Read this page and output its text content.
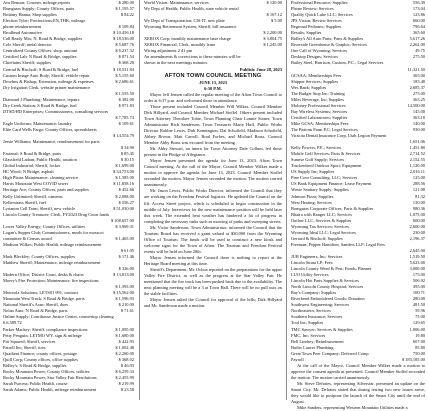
Ava Benson; Coroner, mileage,reports	$ 280.00
Bomgaars Supply; County Offices, parts	$ 1,195.57
Brittany Hanna; Shop supplies	$ 84.22
Election Tyler; Precinctions;EN,THK; mileage
phone reimbursement	$ 109.84
Brodhead Automotive	$ 10,456.18
Call Ready Mix; N. Road & Bridge, supplies	$ 18,536.00
Cole Sheriff; metal detector	$ 5,687.76
Centralized County Offices; shop, amount	$ 6,237.32
Certified Lab; N Road & Bridge, supplies	$ 871.54
Chieftains Sheriff; supplies	$ 368.20
Conrad & Bischoff; S Road & Bridge, fuel	$ 18,531.84
Custom Image Auto Body; Sheriff, vehicle repair	$ 5,155.60
Deselms & Bishop; Extension, mileage & expenses	$ 2,686.61
Dry Irrigation Clerk, website printer maintenance
$ 1,555.50
Diamond J Plumbing; Maintenance, repairs	$ 382.00
Dry Creek Station; S Road & Bridge, fuel	$ 971.83
DTSD/HD Enterprises; Commissioners, consulting services
$ 7,785.74
Eagle Uniforms; Maintenance; laundry	$ 109.61
Elite Card Wells Fargo; County Offices, spreadsheets
$ 14,554.79
Jessie Williams; Maintenance, reimbursement for parts
$ 34.90
Fastenal; S Road & Bridge, parts	$ 85.45
Glassfield Lathan; Public Health, taxation	$ 30.15
Global Industrial; Sheriff, locker	$ 1,699.00
HC Wood; N Bridge, asphalt	$ 34,753.00
High Plains Maintenance; cleaning service	$ 1,385.00
Harris Mountain West COVID sewer	$ 11,858.16
Heritage Ace; County Offices, parts and supplies	$ 452.66
Kelly Unlimited; Sheriff, cameras	$ 2,088.00
Kellerstrass Sheriff, fuel	$ 556.27
Lyrianon Cell Tarm; Sheriff, new vehicle	$ 51,030.00
Lincoln County Treasurer; Clerk, FY2023 Drug Court funds
$ 108,657.00
Lower Valley Energy; County Offices, utilities	$ 3,969.31
Logan's Supper Club; Commissioners, meals for mosscot
committee & Census award	$ 1,465.00
Madison Wilkes; Public Health, mileage reimbursement
$ 61.05
Mark Bleckley; County Offices, supplies	$ 171.46
Matthew Sheriff; Maintenance, mileage reimbursement
$ 326.00
Modern Office; District Court, desks & chairs	$ 13,813.00
Morey's Fire Protection; Maintenance, fire inspections
$ 1,395.00
Motorola Solutions; LETS01 991, contract	$ 15,562.00
Mountain West Truck; S Road & Bridge, parts	$ 1,596.93
National Sheriff's Assn; Sheriff, dues	$ 210.00
Nolan Auto; N Road & Bridge, parts	$ 71.61
Online Supply; Courthouse Justice Center, countertop cleaning
6.6,589.72
Parker Mackey; Sheriff, compliance inspections	$ 1,095.00
Petty Penguin; LETMO WY, sign & mileage	$ 1,680.00
Pitt Squared; Sheriff, services	$ 422.93
Patroll Inc; Sheriff, tires	$ 1,002.48
Quadient Finance; county offices, postage	$ 2,260.00
Quill Corp; County offices, office supplies	$ 368.02
Ridley's; S Road & Bridge, supplies	$ 46.93
Rocky Mountain Power; County Offices, utilities	$ 6,259.33
Rocky Mountain Power; Star Valley Fair Resolutions	$ 2,455.99
Sarah Purcess; Public Health, course	$ 219.99
Sarah Adams; Public Health, mileage reimbursement	$ 23.58
World Vision; Maintenance, services	$ 120.00
Wy Dept of Health; Public Health, state vehicle rental
$ 167.12
Wy Dept of Transportation; CIS-IT, new plate	$ 5.00
Wyoming Retirement System; Sheriff, bill insurance
$ 2,200.00
XEROX Corp; monthly maintenance base charge	$ 3,804.75
XEROX Financial; Clerk, monthly lease	$ 1,245.00
Wiring adjustment 2 41 pm
An amendments & corrections to these minutes will be
shown in the next meetings minutes.
Publish: June 28, 2023
AFTON TOWN COUNCIL MEETING
JUNE 13, 2023
6:30 P.M.

Mayor Jeff Jensen called the regular meeting of the Afton Town Council to order at 6:37 p.m. and welcomed those in attendance.

Those present included Council Member Will Wilkes, Council Member Dirk Hillyard, and Council Member Michael Stoffel. Others present included Town Attorney Theodore Tobie, Town Planning Chair Lonnie Stoner, Town Administrator Rick Sanderson, Town Treasurer Marty Huff, Public Works Director Robbie Lewis, Dirk Kennington, Dal Schofield, Madison Schofield, Abbey Brown, Matt Carroll, Brad Forbes, and Michael Brass. Council Member Abby Brass was excused from the meeting.

Mr. Abby Stewart, an intern for Town Attorney Dale Collum, led those present in the Pledge of Allegiance.

Mayor Jensen presented the agenda for June 13, 2023. Afton Town Council meeting. At the call of the Mayor, Council Member Wilkes made a motion to approve the agenda for June 13, 2023. Council Member Stoffel seconded the motion. Mayor Jensen seconded the motion. The motion carried unanimously.

Mr. Jason Lewis, Public Works Director, informed the Council that they are working on the Freedom Festival logistics. He updated the Council on the lift. Access Street project, which is scheduled to begin construction in the middle of July. Interviews for the new maintenance position will be held later this week. The extended heat weather has hindered a lot of progress in completing the necessary tasks such as mowing of parks and sweeping streets.

Mr. Victor Sanderson, Town Administrator, informed the Council that the Tourism Board has received a grant valued at $30,000 from the Wyoming Office of Tourism. The funds will be used to construct a new kiosk and welcome signs for the Town of Afton. The Tourism and Freedom Festival events will be held on June 28th.

Mayor Jensen informed the Council there is nothing to report at the Heritage Board meeting at this time.

Sheriff's Department; Mr. Ochoa reported on the preparations for the upper Valley Fire District, as well as the progress at the Star Valley Fair. He mentioned that the fire truck has been pushed back due to the availability. The next planning meeting will be a 3 at Town Hall. There will be no pull outs on the stable facilities.

Mayor Jensen asked the Council for approval of the bills; Dirk Hillyard and Mr. Sanderson made a motion.

Professional Resource; Supplies	556.39
Phone Review; Services	173.04
Quality Quick Lube LLC; Services	123.86
JPS Vision; Review Services	660.00
Regional Pediatric; Supplies	796.64
Results; Supplies	365.60
Ridley's All Auto Parts; Parts & Supplies	5,617.26
Riverside Greenhouse & Graphic; Services	2,262.00
One Call of Wyoming; Services	49.75
Desktop Designs; Services	275.50
Bailey Steel, Harrison, Custom, P.C.; Legal Services
11,321.50
GCSAA; Memberships Fees	365.00
Shipper Services; Supplies	185.48
Wes Bank; Supplies	2,685.37
The Budget Stop Inc; Training	275.00
Miles Beverage, Inc; Supplies	363.25
Moloney Professional Services	14,500.00
Bay Wireless Systems; Services	145.00
Certified Laboratories; Supplies	363.18
Mike GCSA; Memberships Fees	140.00
The Bottom Farm P.C; Legal Services	930.00
Viracita Dental Insurance Corp, Utah Legion Payment
1,651.06
Kelly Powers, P.E.; Services	1,451.80
Mobile Golf Services; Parts & Services	2,714.52
Sunrise Golf Supply; Services	2,152.55
Truckenbrod Outdoor Sport; Equipment	1,120.00
US Supply Inc; Supplies	2,016.11
Pine Cove Consulting, LLC; Services	125.00
US Bank Equipment Finance; Lease Payment	288.56
Waxie Sanitary Supply; Supplies	121.08
Johnson Pizza; Supplies	81.32
West Heating; Services	130.00
Bomgaars Corporate Offices; Parts & Supplies	980.36
Bhatra with Ranger LLC; Services	1,075.00
Outlaw LLC; Services & Supplies	600.00
Wyoming Tax Services; Services	2,600.00
Wyoming Ideal LLC; Legal Services	230.00
Gerrard & Bischoff; Supplies	2,196.37
Freeman; Pepper Hamilton, Sanders LLP; Legal Fees
2,645.00
JUB Engineers, Inc; Services	1,519.50
Lincoln Strata LP; Fees	5,623.00
Lincoln County Weed & Pest; Funds; Planner	3,000.00
LUO Utility Services	175.00
Lincoln Hot Parts Supplies & Services	506.92
North Lincoln County Hospital; Services	395.00
Ray's Company; Supplies	100.71
Riverbend Embroidered Goods; Donation	280.00
Southwest Engineering; Services	481.50
Northeastern; Services	59.96
Southern Insurance; Services	75.00
Tool Inc; Supplies	129.65
TMC Sawyer; Services & Supplies	1,006.00
FMC, Inc; Services	19.80
Bell Lindsey; Reimbursement	607.00
Butler Lancer Plumbing	85.80
Great Town Peer Company; Deferred Comp	750.00
Payroll	$ 183,185.00

At the call of the Mayor, Council Member Wilkes made a motion to approve the consent agenda as presented. Council Member Stoffel seconded the motion. The motion carried unanimously.

Mr. Steve Defrates, representing Silverstar, presented an update on the Smart City. Mr. Defrates stated that during testing two new issues arose, they would like to postpone the launch of the Smart City until the end of August.

Mike Sanders, representing Western Mountain Utilities made a
